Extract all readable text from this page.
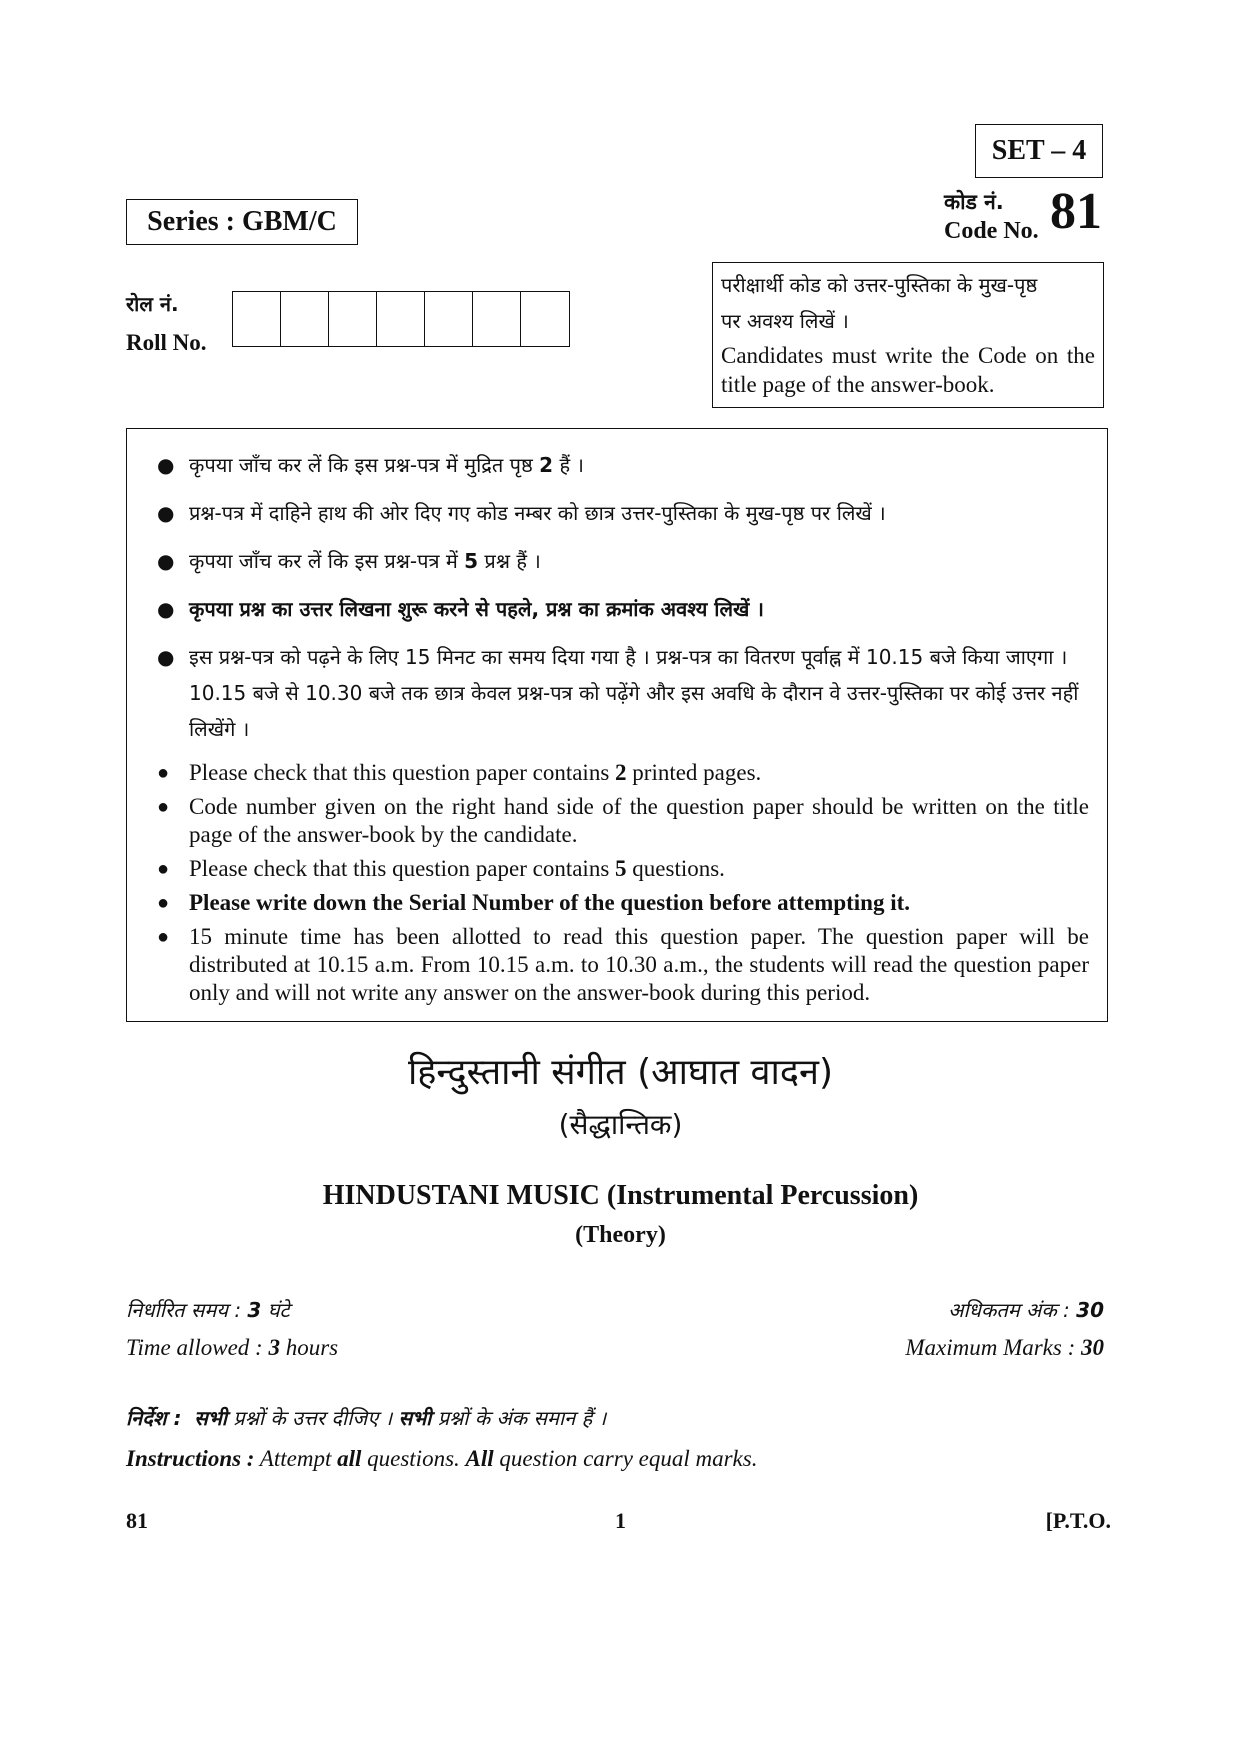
SET – 4
कोड नं.
Code No. 81
Series : GBM/C
रोल नं.
Roll No.
परीक्षार्थी कोड को उत्तर-पुस्तिका के मुख-पृष्ठ
पर अवश्य लिखें ।
Candidates must write the Code on the title page of the answer-book.
● कृपया जाँच कर लें कि इस प्रश्न-पत्र में मुद्रित पृष्ठ 2 हैं ।
● प्रश्न-पत्र में दाहिने हाथ की ओर दिए गए कोड नम्बर को छात्र उत्तर-पुस्तिका के मुख-पृष्ठ पर लिखें ।
● कृपया जाँच कर लें कि इस प्रश्न-पत्र में 5 प्रश्न हैं ।
● कृपया प्रश्न का उत्तर लिखना शुरू करने से पहले, प्रश्न का क्रमांक अवश्य लिखें ।
● इस प्रश्न-पत्र को पढ़ने के लिए 15 मिनट का समय दिया गया है । प्रश्न-पत्र का वितरण पूर्वाह्न में 10.15 बजे किया जाएगा । 10.15 बजे से 10.30 बजे तक छात्र केवल प्रश्न-पत्र को पढ़ेंगे और इस अवधि के दौरान वे उत्तर-पुस्तिका पर कोई उत्तर नहीं लिखेंगे ।
● Please check that this question paper contains 2 printed pages.
● Code number given on the right hand side of the question paper should be written on the title page of the answer-book by the candidate.
● Please check that this question paper contains 5 questions.
● Please write down the Serial Number of the question before attempting it.
● 15 minute time has been allotted to read this question paper. The question paper will be distributed at 10.15 a.m. From 10.15 a.m. to 10.30 a.m., the students will read the question paper only and will not write any answer on the answer-book during this period.
हिन्दुस्तानी संगीत (आघात वादन)
(सैद्धान्तिक)
HINDUSTANI MUSIC (Instrumental Percussion)
(Theory)
निर्धारित समय : 3 घंटे
Time allowed : 3 hours
अधिकतम अंक : 30
Maximum Marks : 30
निर्देश : सभी प्रश्नों के उत्तर दीजिए । सभी प्रश्नों के अंक समान हैं ।
Instructions : Attempt all questions. All question carry equal marks.
81	1	[P.T.O.
